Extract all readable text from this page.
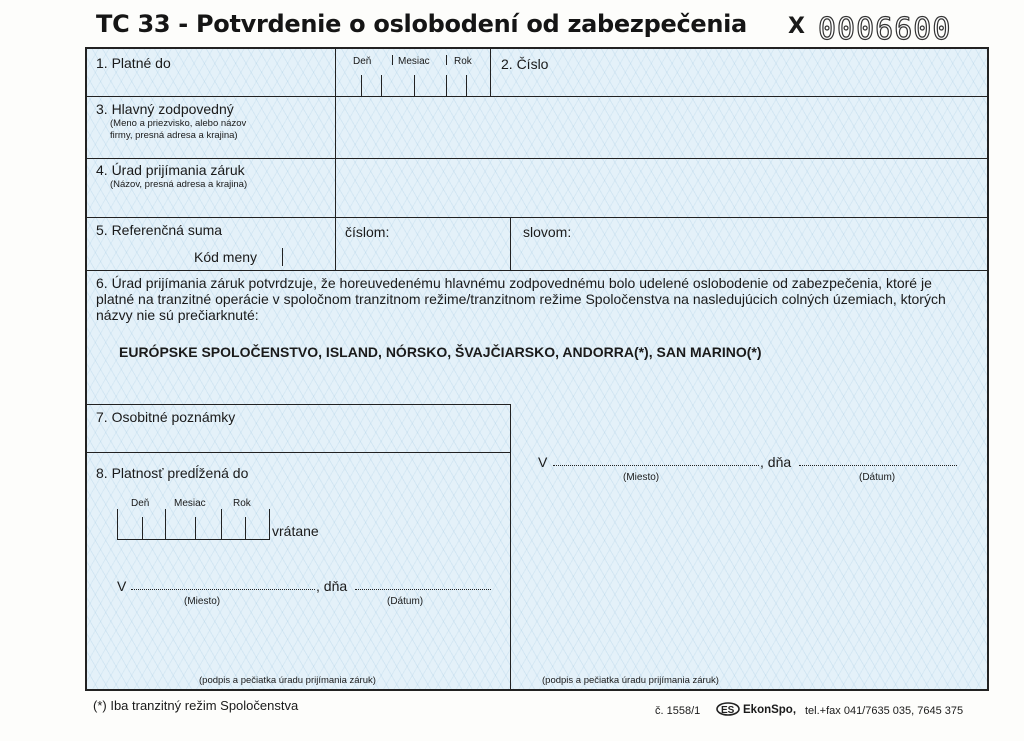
TC 33 - Potvrdenie o oslobodení od zabezpečenia X 0006600
1. Platné do	Deň	Mesiac Rok 2. Číslo
3. Hlavný zodpovedný
(Meno a priezvisko, alebo názov
firmy, presná adresa a krajina)
4. Úrad prijímania záruk
(Názov, presná adresa a krajina)
5. Referenčná suma
Kód meny
číslom:	slovom:
6. Úrad prijímania záruk potvrdzuje, že horeuvedenému hlavnému zodpovednému bolo udelené oslobodenie od zabezpečenia, ktoré je platné na tranzitné operácie v spoločnom tranzitnom režime/tranzitnom režime Spoločenstva na nasledujúcich colných územiach, ktorých názvy nie sú prečiarknuté:
EURÓPSKE SPOLOČENSTVO, ISLAND, NÓRSKO, ŠVAJČIARSKO, ANDORRA(*), SAN MARINO(*)
7. Osobitné poznámky
8. Platnosť predĺžená do
Deň Mesiac	Rok
vrátane
V	, dňa
(Miesto)	(Dátum)
(podpis a pečiatka úradu prijímania záruk)
V	, dňa
(Miesto)	(Dátum)
(podpis a pečiatka úradu prijímania záruk)
(*) Iba tranzitný režim Spoločenstva	č. 1558/1 ES EkonSpo, tel.+fax 041/7635 035, 7645 375
